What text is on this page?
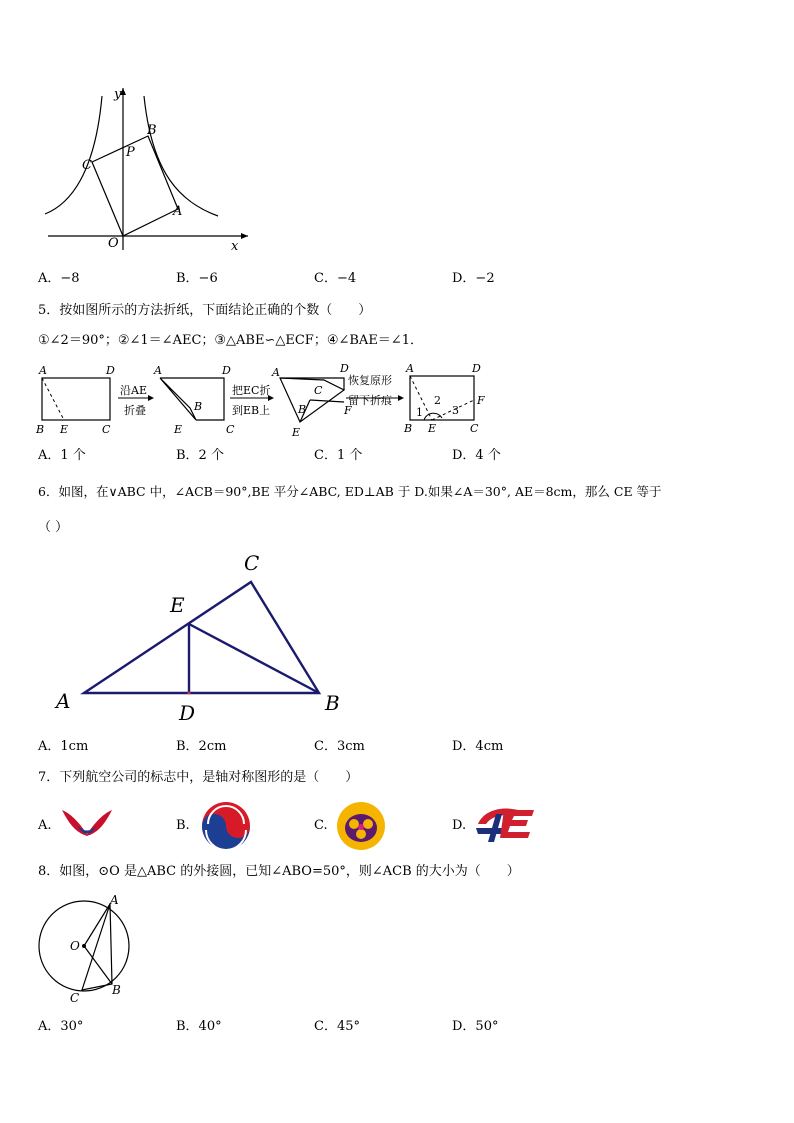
y
x
B
P
C
A
O
A．−8	B．−6	C．−4	D．−2
5．按如图所示的方法折纸，下面结论正确的个数（　　）
①∠2＝90°；②∠1＝∠AEC；③△ABE∽△ECF；④∠BAE＝∠1．
A	D
B E	C
沿AE
折叠
A	D
B
E	C
把EC折
到EB上
A	D
C
B	F
E
恢复原形
留下折痕
A	D
2	F
1	3
B E	C
A．1 个	B．2 个	C．1 个	D．4 个
6．如图，在∨ABC 中，∠ACB＝90°,BE 平分∠ABC, ED⊥AB 于 D.如果∠A＝30°, AE＝8cm，那么 CE 等于
（ ）
C
E
A	D	B
A．1cm	B．2cm	C．3cm	D．4cm
7．下列航空公司的标志中，是轴对称图形的是（　　）
A.	B.	C.	D.
8．如图，⊙O 是△ABC 的外接圆，已知∠ABO=50°，则∠ACB 的大小为（　　）
A
O
C
B
A．30°	B．40°	C．45°	D．50°
